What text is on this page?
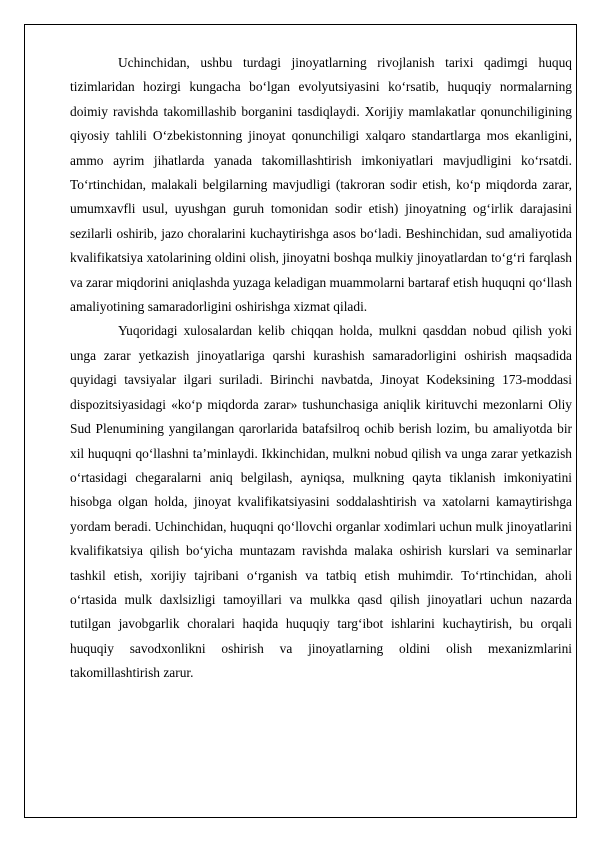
Uchinchidan, ushbu turdagi jinoyatlarning rivojlanish tarixi qadimgi huquq tizimlaridan hozirgi kungacha bo‘lgan evolyutsiyasini ko‘rsatib, huquqiy normalarning doimiy ravishda takomillashib borganini tasdiqlaydi. Xorijiy mamlakatlar qonunchiligining qiyosiy tahlili O‘zbekistonning jinoyat qonunchiligi xalqaro standartlarga mos ekanligini, ammo ayrim jihatlarda yanada takomillashtirish imkoniyatlari mavjudligini ko‘rsatdi. To‘rtinchidan, malakali belgilarning mavjudligi (takroran sodir etish, ko‘p miqdorda zarar, umumxavfli usul, uyushgan guruh tomonidan sodir etish) jinoyatning og‘irlik darajasini sezilarli oshirib, jazo choralarini kuchaytirishga asos bo‘ladi. Beshinchidan, sud amaliyotida kvalifikatsiya xatolarining oldini olish, jinoyatni boshqa mulkiy jinoyatlardan to‘g‘ri farqlash va zarar miqdorini aniqlashda yuzaga keladigan muammolarni bartaraf etish huquqni qo‘llash amaliyotining samaradorligini oshirishga xizmat qiladi.

Yuqoridagi xulosalardan kelib chiqqan holda, mulkni qasddan nobud qilish yoki unga zarar yetkazish jinoyatlariga qarshi kurashish samaradorligini oshirish maqsadida quyidagi tavsiyalar ilgari suriladi. Birinchi navbatda, Jinoyat Kodeksining 173-moddasi dispozitsiyasidagi «ko‘p miqdorda zarar» tushunchasiga aniqlik kirituvchi mezonlarni Oliy Sud Plenumining yangilangan qarorlarida batafsilroq ochib berish lozim, bu amaliyotda bir xil huquqni qo‘llashni ta’minlaydi. Ikkinchidan, mulkni nobud qilish va unga zarar yetkazish o‘rtasidagi chegaralarni aniq belgilash, ayniqsa, mulkning qayta tiklanish imkoniyatini hisobga olgan holda, jinoyat kvalifikatsiyasini soddalashtirish va xatolarni kamaytirishga yordam beradi. Uchinchidan, huquqni qo‘llovchi organlar xodimlari uchun mulk jinoyatlarini kvalifikatsiya qilish bo‘yicha muntazam ravishda malaka oshirish kurslari va seminarlar tashkil etish, xorijiy tajribani o‘rganish va tatbiq etish muhimdir. To‘rtinchidan, aholi o‘rtasida mulk daxlsizligi tamoyillari va mulkka qasd qilish jinoyatlari uchun nazarda tutilgan javobgarlik choralari haqida huquqiy targ‘ibot ishlarini kuchaytirish, bu orqali huquqiy savodxonlikni oshirish va jinoyatlarning oldini olish mexanizmlarini takomillashtirish zarur.
